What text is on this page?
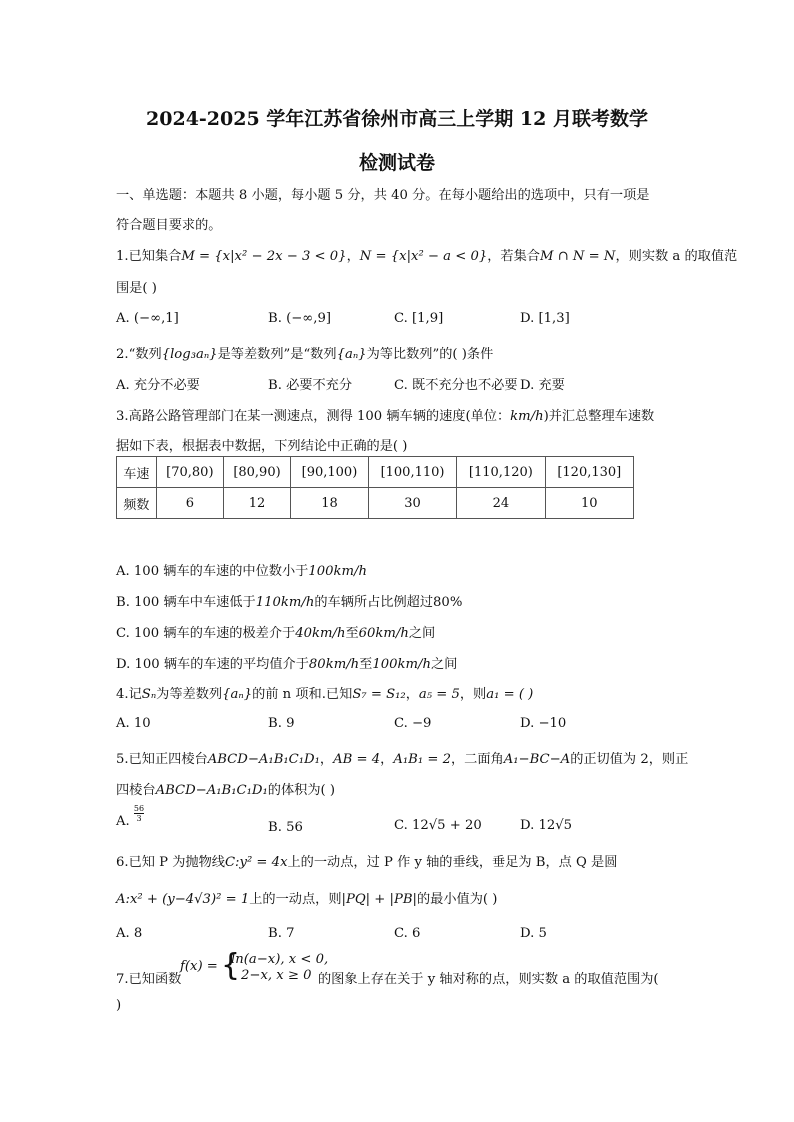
2024-2025 学年江苏省徐州市高三上学期 12 月联考数学
检测试卷
一、单选题：本题共 8 小题，每小题 5 分，共 40 分。在每小题给出的选项中，只有一项是
符合题目要求的。
1.已知集合M = {x|x² − 2x − 3 < 0}，N = {x|x² − a < 0}，若集合M ∩ N = N，则实数 a 的取值范
围是( )
A. (−∞,1]	B. (−∞,9]	C. [1,9]	D. [1,3]
2.“数列{log₃aₙ}是等差数列”是“数列{aₙ}为等比数列”的( )条件
A. 充分不必要	B. 必要不充分	C. 既不充分也不必要 D. 充要
3.高路公路管理部门在某一测速点，测得 100 辆车辆的速度(单位：km/h)并汇总整理车速数
据如下表，根据表中数据，下列结论中正确的是( )
车速	[70,80)	[80,90)	[90,100)	[100,110)	[110,120)	[120,130]
频数	6	12	18	30	24	10
A. 100 辆车的车速的中位数小于100km/h
B. 100 辆车中车速低于110km/h的车辆所占比例超过80%
C. 100 辆车的车速的极差介于40km/h至60km/h之间
D. 100 辆车的车速的平均值介于80km/h至100km/h之间
4.记Sₙ为等差数列{aₙ}的前 n 项和.已知S₇ = S₁₂，a₅ = 5，则a₁ = ( )
A. 10	B. 9	C. −9	D. −10
5.已知正四棱台ABCD−A₁B₁C₁D₁，AB = 4，A₁B₁ = 2，二面角A₁−BC−A的正切值为 2，则正
四棱台ABCD−A₁B₁C₁D₁的体积为( )
A. $\frac{56}{3}$
B. 56	C. 12√5 + 20	D. 12√5
6.已知 P 为抛物线C:y² = 4x上的一动点，过 P 作 y 轴的垂线，垂足为 B，点 Q 是圆
A:x² + (y−4√3)² = 1上的一动点，则|PQ| + |PB|的最小值为( )
A. 8	B. 7	C. 6	D. 5
7.已知函数
f(x) = {
ln(a−x), x < 0,
2−x, x ≥ 0 的图象上存在关于 y 轴对称的点，则实数 a 的取值范围为(
)
